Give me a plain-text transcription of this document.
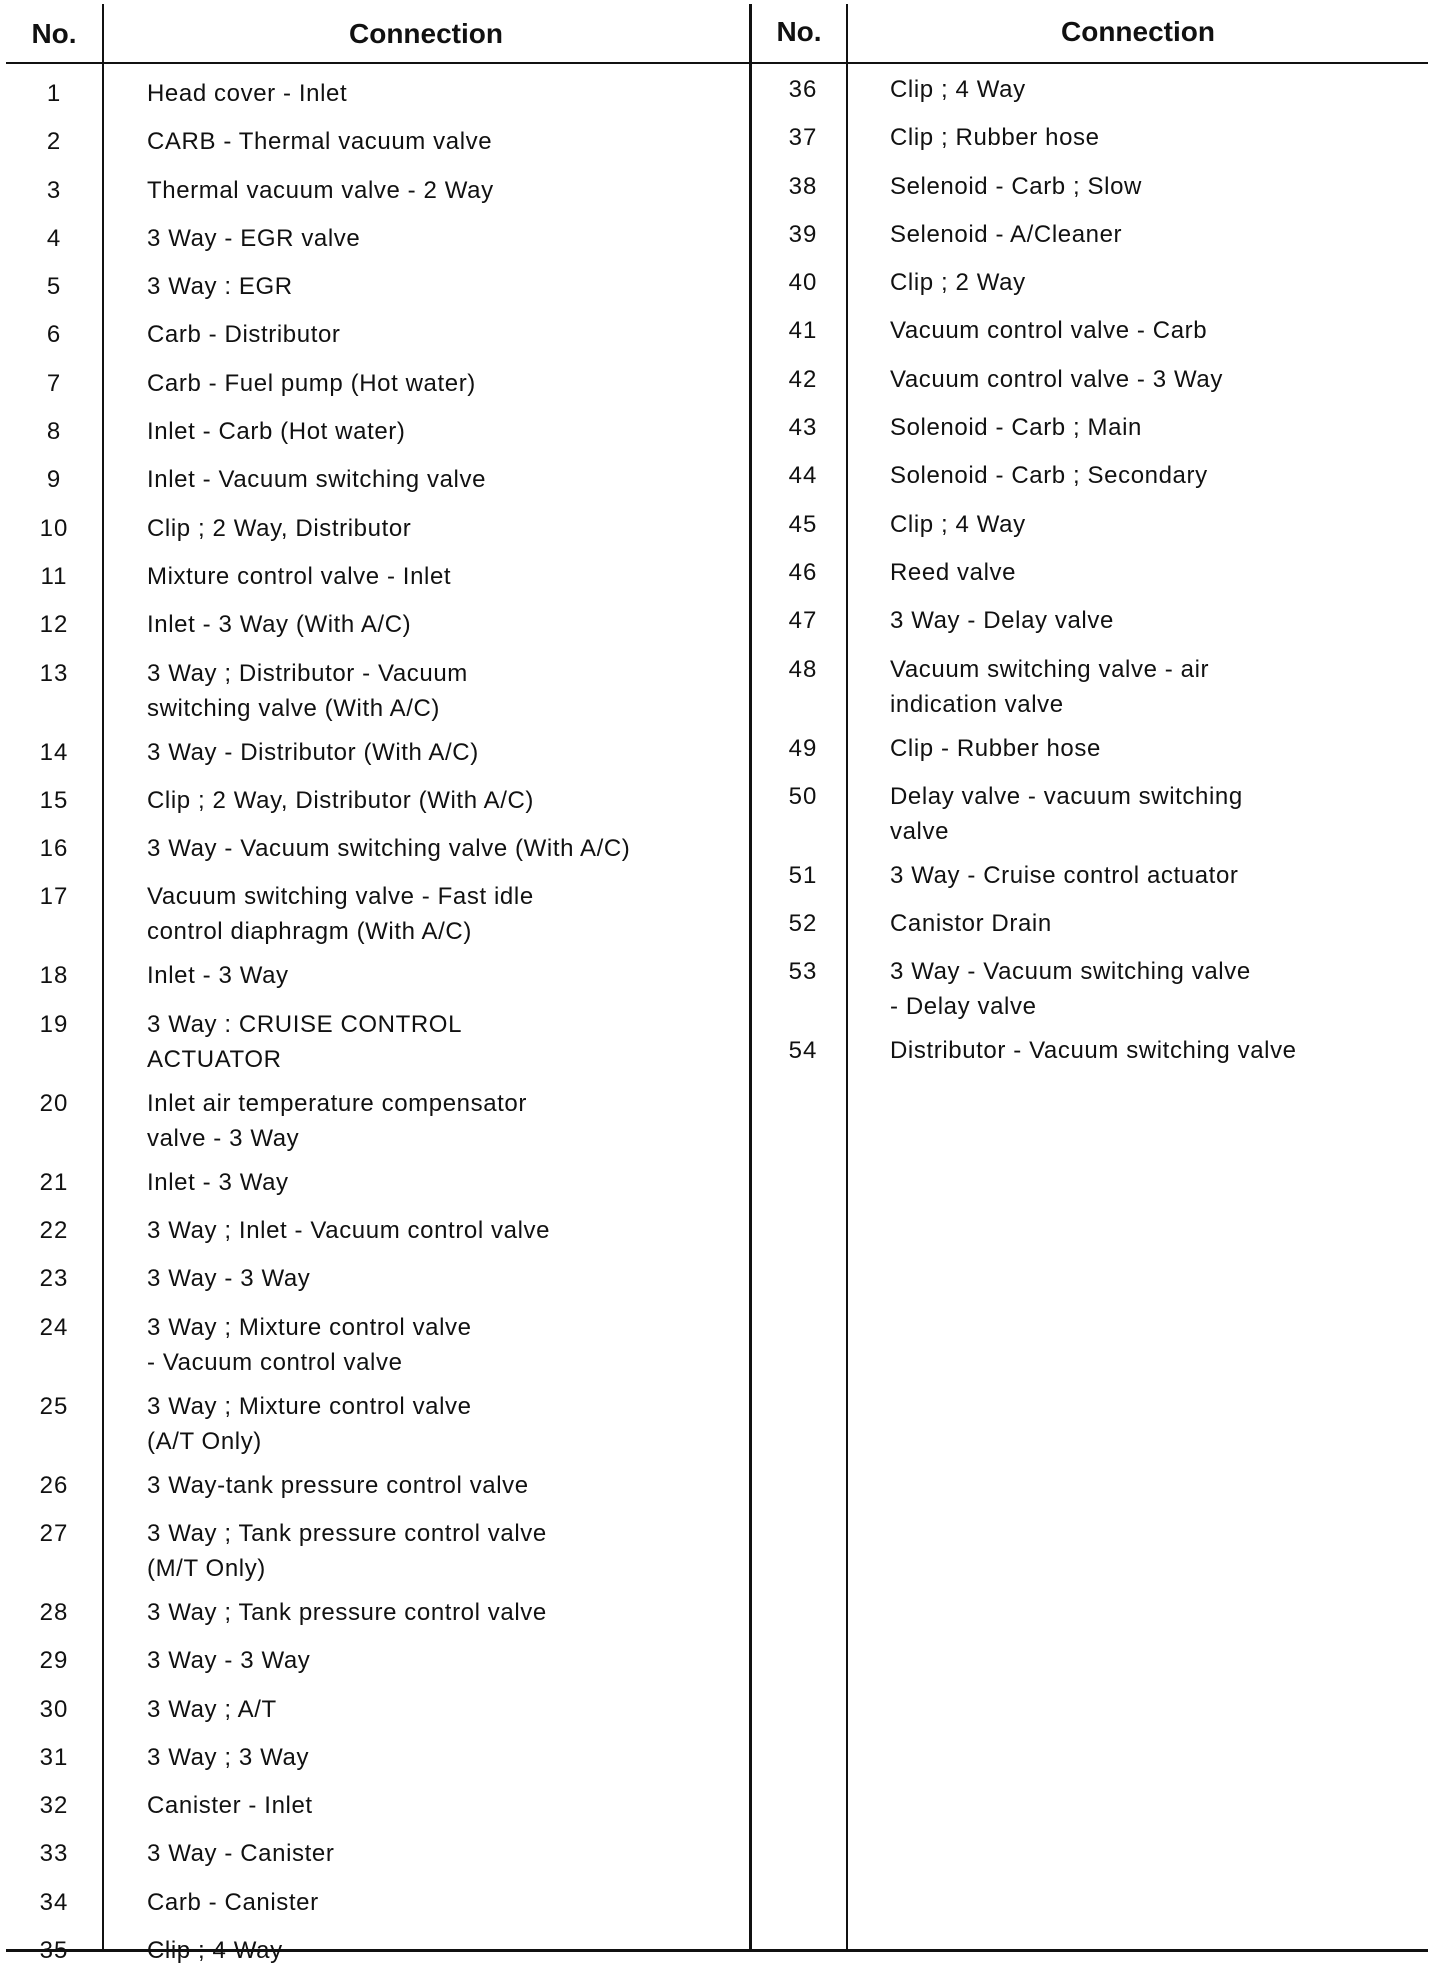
No.	Connection	No.	Connection
1	Head cover - Inlet
2	CARB - Thermal vacuum valve
3	Thermal vacuum valve - 2 Way
4	3 Way - EGR valve
5	3 Way : EGR
6	Carb - Distributor
7	Carb - Fuel pump (Hot water)
8	Inlet - Carb (Hot water)
9	Inlet - Vacuum switching valve
10	Clip ; 2 Way, Distributor
11	Mixture control valve - Inlet
12	Inlet - 3 Way (With A/C)
13	3 Way ; Distributor - Vacuum
switching valve (With A/C)
14	3 Way - Distributor (With A/C)
15	Clip ; 2 Way, Distributor (With A/C)
16	3 Way - Vacuum switching valve (With A/C)
17	Vacuum switching valve - Fast idle
control diaphragm (With A/C)
18	Inlet - 3 Way
19	3 Way : CRUISE CONTROL
ACTUATOR
20	Inlet air temperature compensator
valve - 3 Way
21	Inlet - 3 Way
22	3 Way ; Inlet - Vacuum control valve
23	3 Way - 3 Way
24	3 Way ; Mixture control valve
- Vacuum control valve
25	3 Way ; Mixture control valve
(A/T Only)
26	3 Way-tank pressure control valve
27	3 Way ; Tank pressure control valve
(M/T Only)
28	3 Way ; Tank pressure control valve
29	3 Way - 3 Way
30	3 Way ; A/T
31	3 Way ; 3 Way
32	Canister - Inlet
33	3 Way - Canister
34	Carb - Canister
35	Clip ; 4 Way
36	Clip ; 4 Way
37	Clip ; Rubber hose
38	Selenoid - Carb ; Slow
39	Selenoid - A/Cleaner
40	Clip ; 2 Way
41	Vacuum control valve - Carb
42	Vacuum control valve - 3 Way
43	Solenoid - Carb ; Main
44	Solenoid - Carb ; Secondary
45	Clip ; 4 Way
46	Reed valve
47	3 Way - Delay valve
48	Vacuum switching valve - air
indication valve
49	Clip - Rubber hose
50	Delay valve - vacuum switching
valve
51	3 Way - Cruise control actuator
52	Canistor Drain
53	3 Way - Vacuum switching valve
- Delay valve
54	Distributor - Vacuum switching valve
